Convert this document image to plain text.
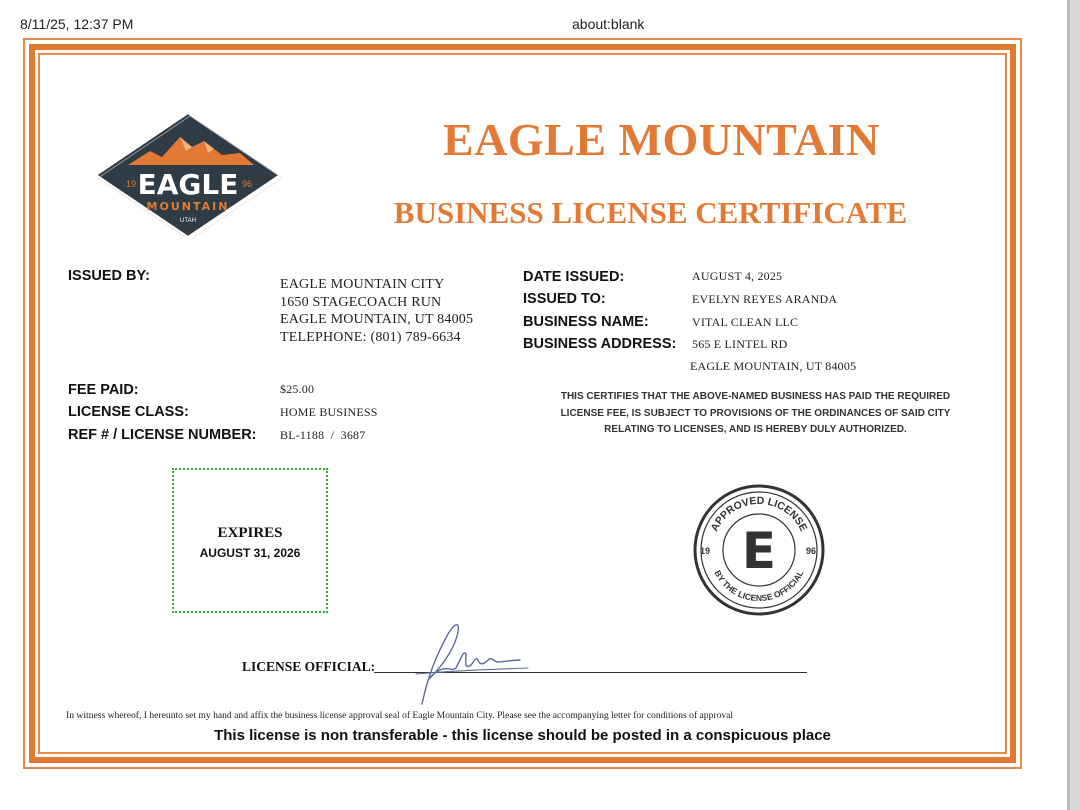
8/11/25, 12:37 PM	about:blank
19	96
EAGLE
MOUNTAIN
UTAH
EAGLE MOUNTAIN
BUSINESS LICENSE CERTIFICATE
ISSUED BY:
EAGLE MOUNTAIN CITY
1650 STAGECOACH RUN
EAGLE MOUNTAIN, UT 84005
TELEPHONE: (801) 789-6634
DATE ISSUED:	AUGUST 4, 2025
ISSUED TO:	EVELYN REYES ARANDA
BUSINESS NAME:	VITAL CLEAN LLC
BUSINESS ADDRESS: 565 E LINTEL RD
EAGLE MOUNTAIN, UT 84005
FEE PAID:	$25.00
LICENSE CLASS:	HOME BUSINESS
REF # / LICENSE NUMBER: BL-1188  /  3687
THIS CERTIFIES THAT THE ABOVE-NAMED BUSINESS HAS PAID THE REQUIRED LICENSE FEE, IS SUBJECT TO PROVISIONS OF THE ORDINANCES OF SAID CITY RELATING TO LICENSES, AND IS HEREBY DULY AUTHORIZED.
EXPIRES
AUGUST 31, 2026
APPROVED LICENSE
BY THE LICENSE OFFICIAL
19	96
E
LICENSE OFFICIAL:
In witness whereof, I hereunto set my hand and affix the business license approval seal of Eagle Mountain City. Please see the accompanying letter for conditions of approval
This license is non transferable - this license should be posted in a conspicuous place
